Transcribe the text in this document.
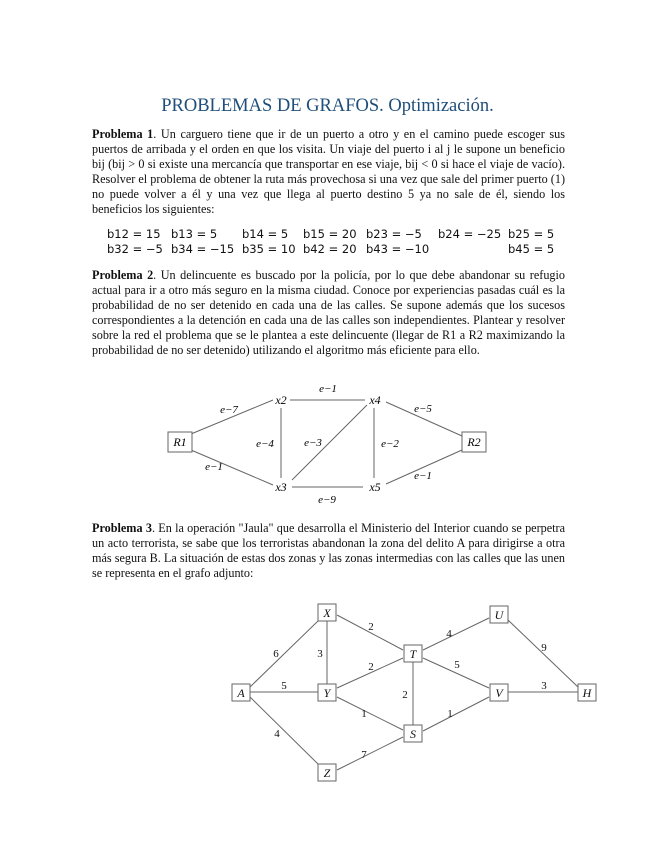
PROBLEMAS DE GRAFOS. Optimización.

Problema 1. Un carguero tiene que ir de un puerto a otro y en el camino puede escoger sus puertos de arribada y el orden en que los visita. Un viaje del puerto i al j le supone un beneficio bij (bij > 0 si existe una mercancía que transportar en ese viaje, bij < 0 si hace el viaje de vacío). Resolver el problema de obtener la ruta más provechosa si una vez que sale del primer puerto (1) no puede volver a él y una vez que llega al puerto destino 5 ya no sale de él, siendo los beneficios los siguientes:

b12 = 15 b13 = 5 b14 = 5 b15 = 20 b23 = −5 b24 = −25 b25 = 5
b32 = −5 b34 = −15 b35 = 10 b42 = 20 b43 = −10	b45 = 5

Problema 2. Un delincuente es buscado por la policía, por lo que debe abandonar su refugio actual para ir a otro más seguro en la misma ciudad. Conoce por experiencias pasadas cuál es la probabilidad de no ser detenido en cada una de las calles. Se supone además que los sucesos correspondientes a la detención en cada una de las calles son independientes. Plantear y resolver sobre la red el problema que se le plantea a este delincuente (llegar de R1 a R2 maximizando la probabilidad de no ser detenido) utilizando el algoritmo más eficiente para ello.

R1	R2
x2
x3
x4
x5
e−7
e−1
e−1
e−4	e−3	e−2
e−5
e−9
e−1

Problema 3. En la operación "Jaula" que desarrolla el Ministerio del Interior cuando se perpetra un acto terrorista, se sabe que los terroristas abandonan la zona del delito A para dirigirse a otra más segura B. La situación de estas dos zonas y las zonas intermedias con las calles que las unen se representa en el grafo adjunto:

A
X
Y
Z
T
S
U
V	H
6
5
4
3
2
2
1
2
7
4
5
1
9
3
